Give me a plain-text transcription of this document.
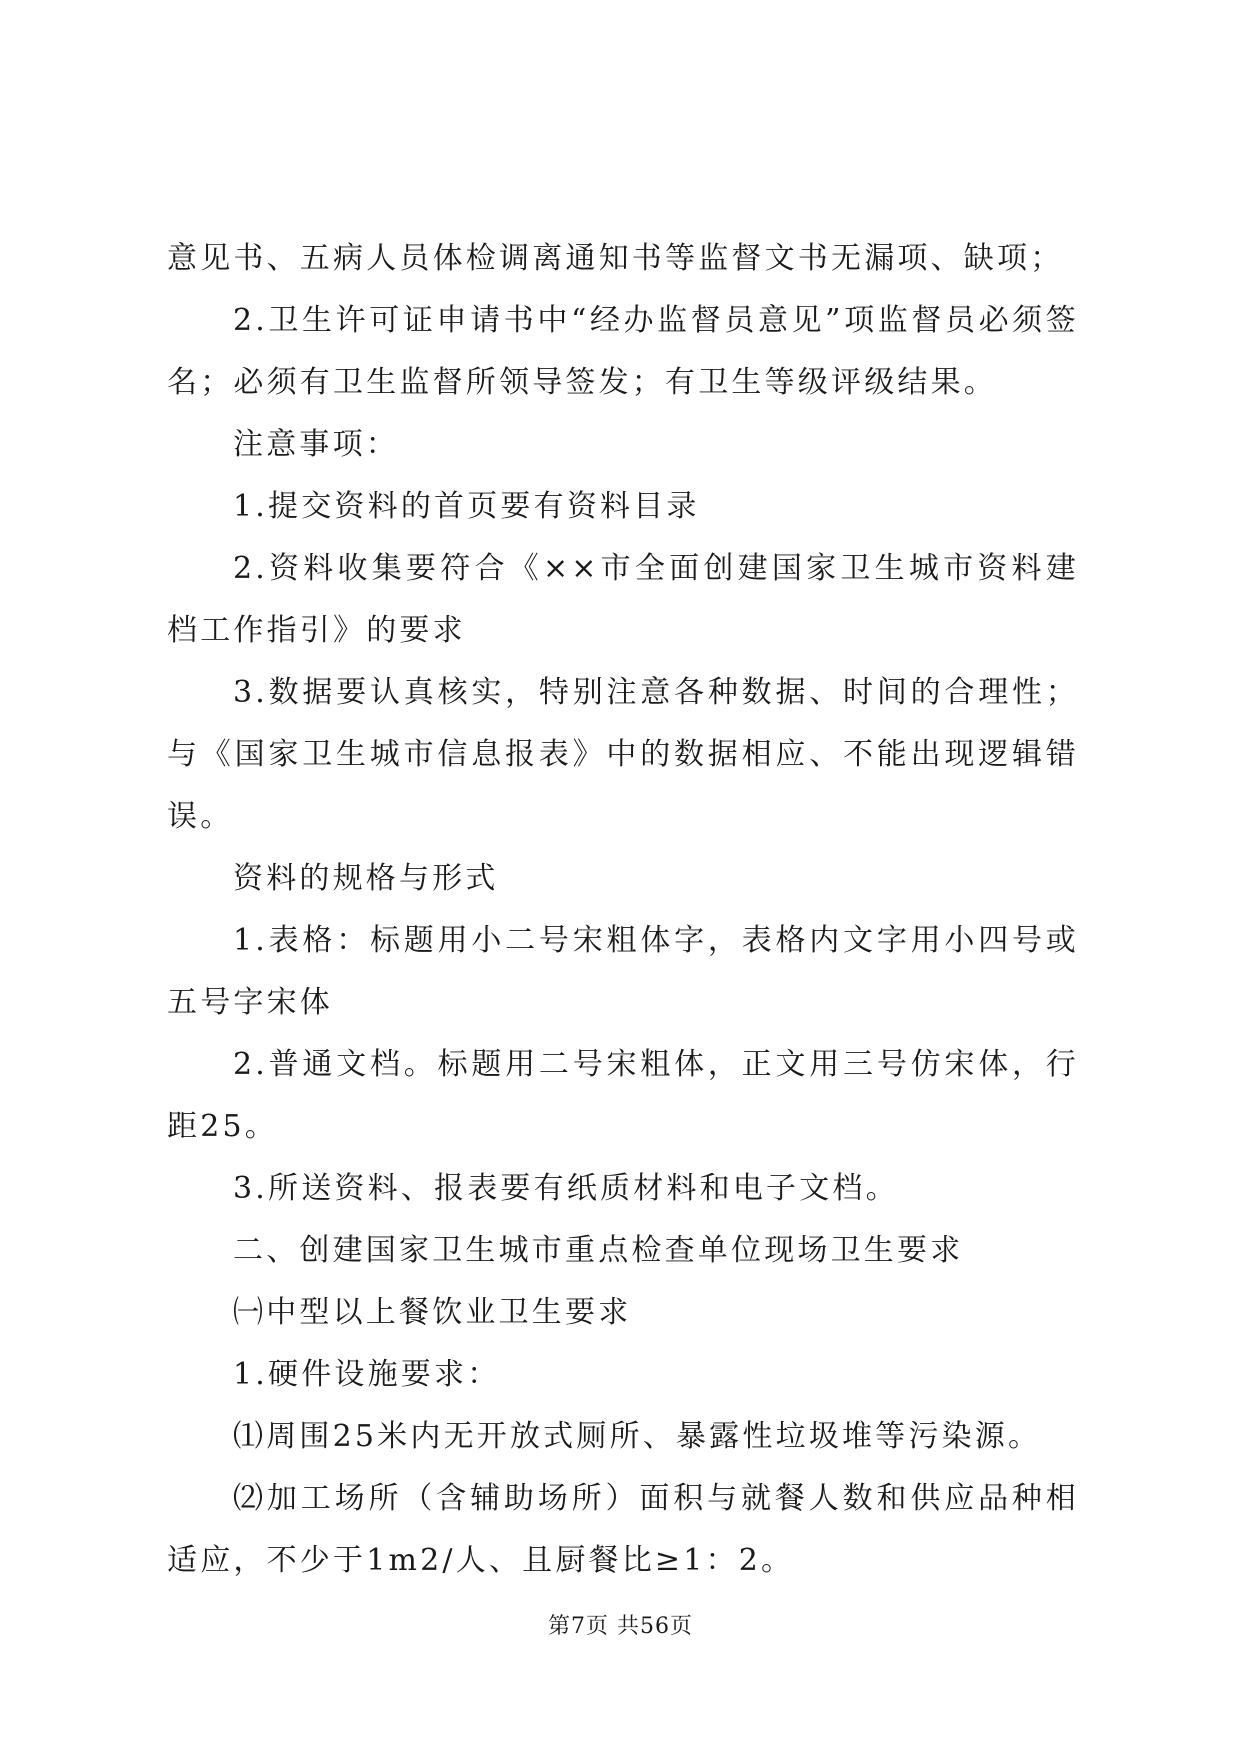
意见书、五病人员体检调离通知书等监督文书无漏项、缺项；

2.卫生许可证申请书中“经办监督员意见”项监督员必须签名；必须有卫生监督所领导签发；有卫生等级评级结果。

注意事项：

1.提交资料的首页要有资料目录

2.资料收集要符合《××市全面创建国家卫生城市资料建档工作指引》的要求

3.数据要认真核实，特别注意各种数据、时间的合理性；与《国家卫生城市信息报表》中的数据相应、不能出现逻辑错误。

资料的规格与形式

1.表格：标题用小二号宋粗体字，表格内文字用小四号或五号字宋体

2.普通文档。标题用二号宋粗体，正文用三号仿宋体，行距25。

3.所送资料、报表要有纸质材料和电子文档。

二、创建国家卫生城市重点检查单位现场卫生要求

㈠中型以上餐饮业卫生要求

1.硬件设施要求：

⑴周围25米内无开放式厕所、暴露性垃圾堆等污染源。

⑵加工场所（含辅助场所）面积与就餐人数和供应品种相适应，不少于1m2/人、且厨餐比≥1：2。

第7页 共56页
